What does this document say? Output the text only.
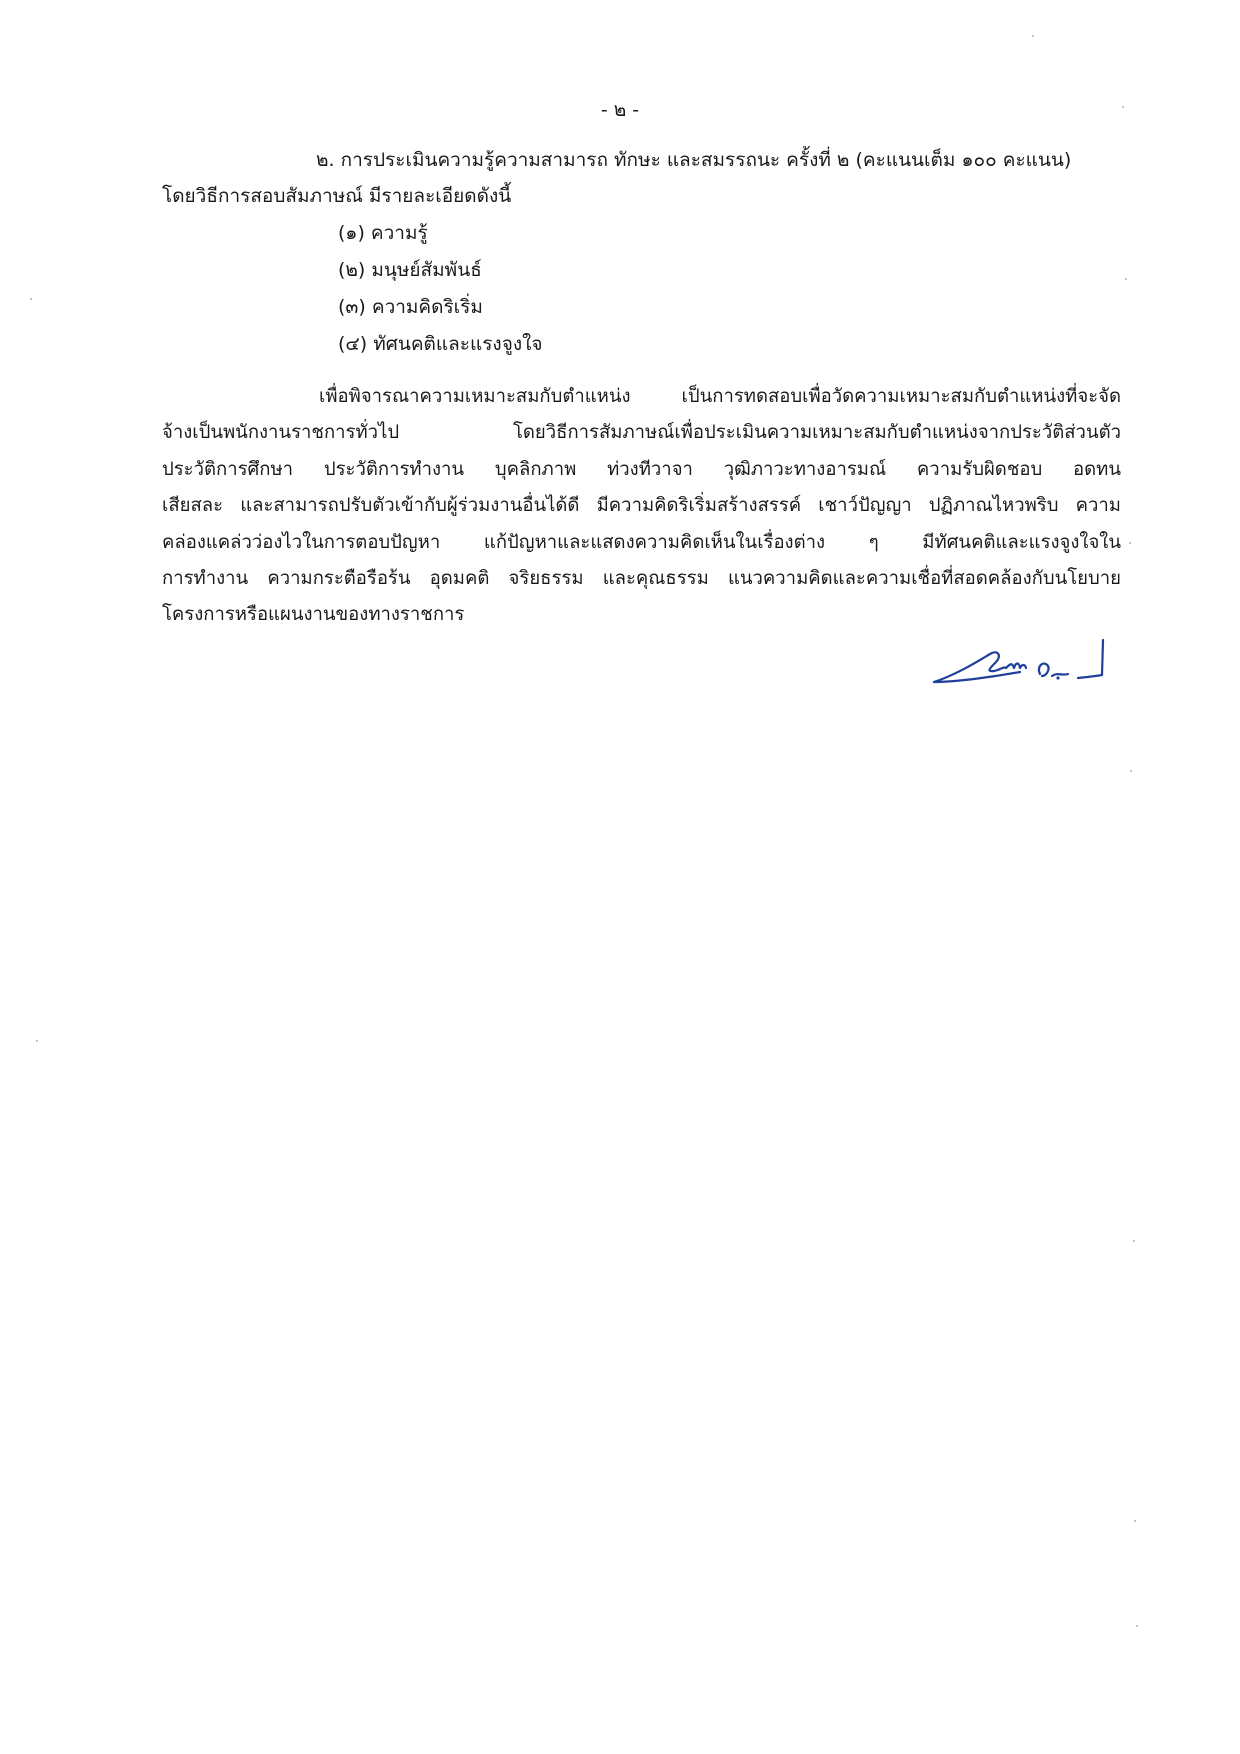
- ๒ -
๒. การประเมินความรู้ความสามารถ ทักษะ และสมรรถนะ ครั้งที่ ๒ (คะแนนเต็ม ๑๐๐ คะแนน)
โดยวิธีการสอบสัมภาษณ์ มีรายละเอียดดังนี้
(๑) ความรู้
(๒) มนุษย์สัมพันธ์
(๓) ความคิดริเริ่ม
(๔) ทัศนคติและแรงจูงใจ
เพื่อพิจารณาความเหมาะสมกับตำแหน่ง เป็นการทดสอบเพื่อวัดความเหมาะสมกับตำแหน่งที่จะจัด
จ้างเป็นพนักงานราชการทั่วไป โดยวิธีการสัมภาษณ์เพื่อประเมินความเหมาะสมกับตำแหน่งจากประวัติส่วนตัว
ประวัติการศึกษา ประวัติการทำงาน บุคลิกภาพ ท่วงทีวาจา วุฒิภาวะทางอารมณ์ ความรับผิดชอบ อดทน
เสียสละ และสามารถปรับตัวเข้ากับผู้ร่วมงานอื่นได้ดี มีความคิดริเริ่มสร้างสรรค์ เชาว์ปัญญา ปฏิภาณไหวพริบ ความ
คล่องแคล่วว่องไวในการตอบปัญหา แก้ปัญหาและแสดงความคิดเห็นในเรื่องต่าง ๆ มีทัศนคติและแรงจูงใจใน
การทำงาน ความกระตือรือร้น อุดมคติ จริยธรรม และคุณธรรม แนวความคิดและความเชื่อที่สอดคล้องกับนโยบาย
โครงการหรือแผนงานของทางราชการ
